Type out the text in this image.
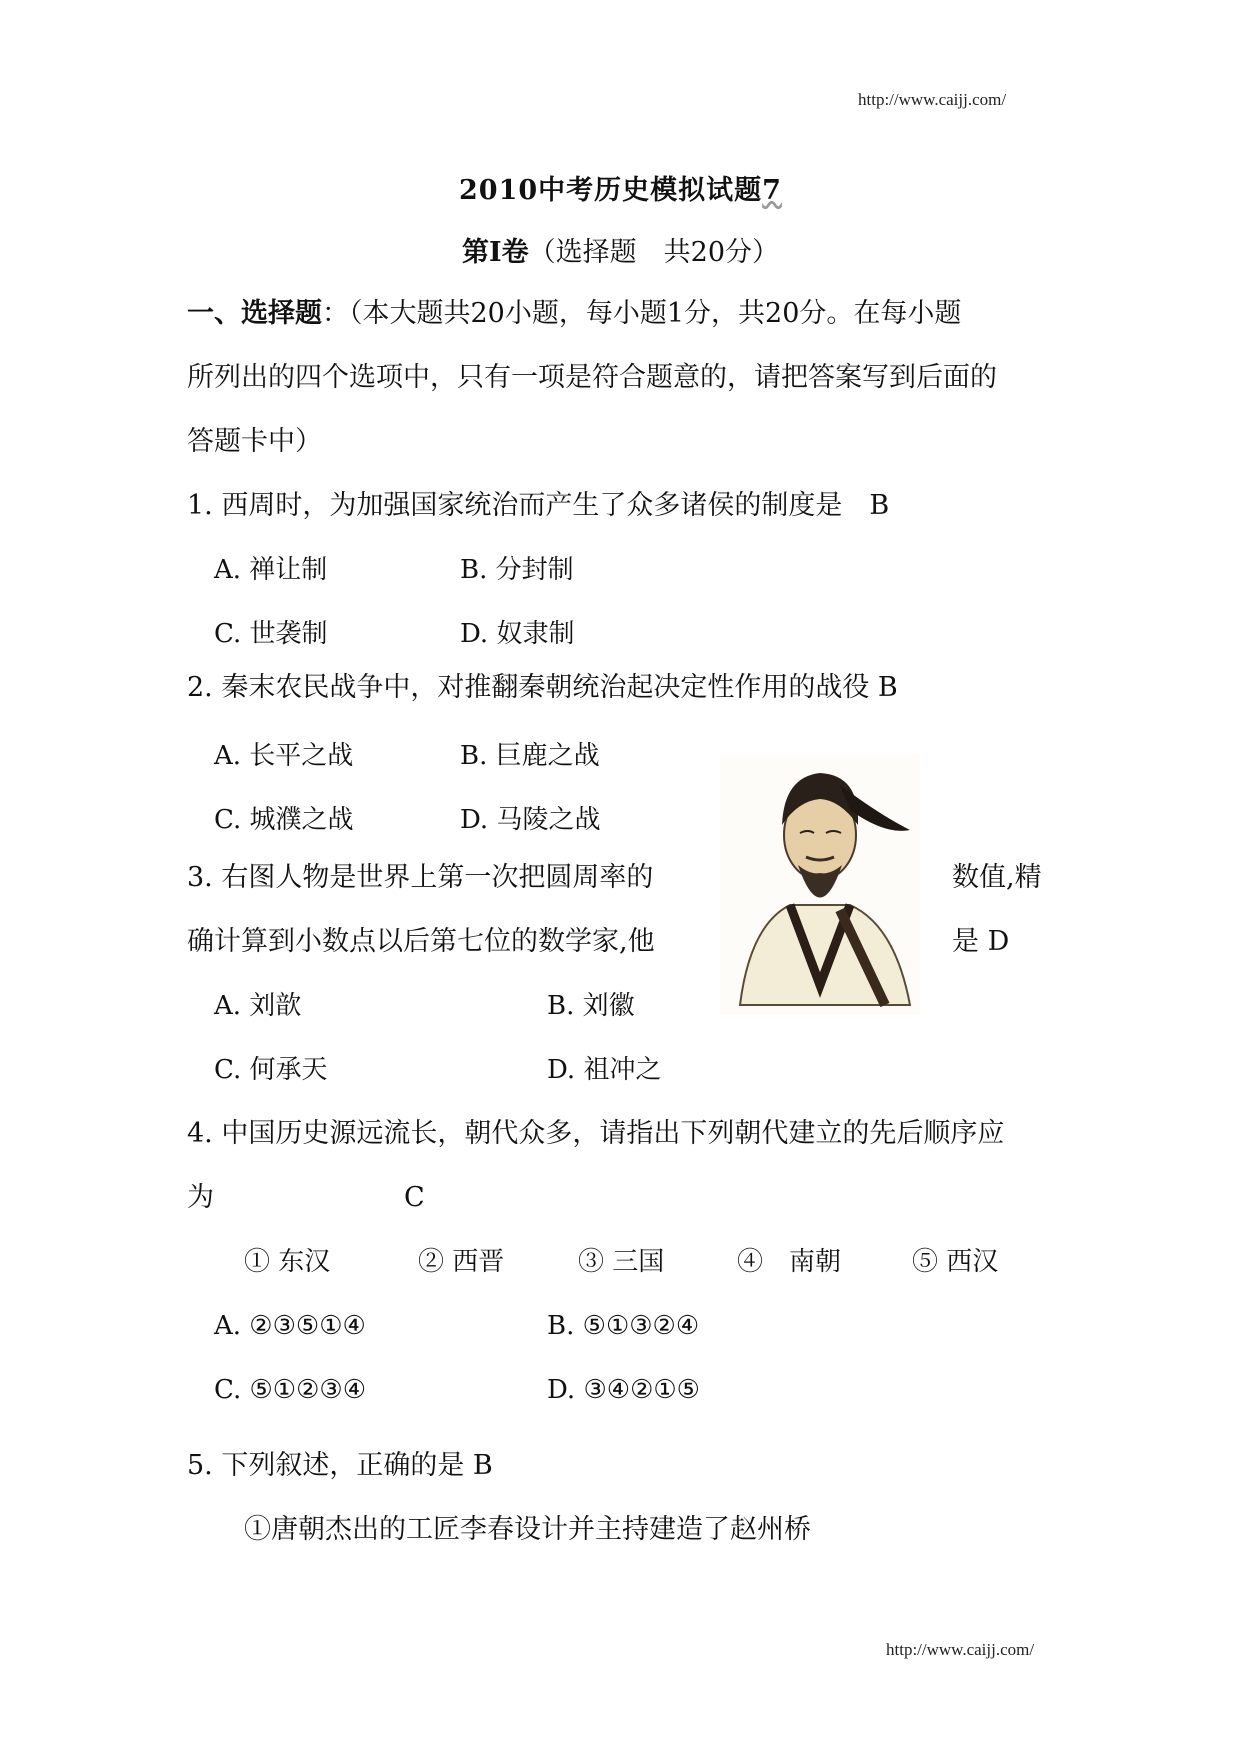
http://www.caijj.com/
2010中考历史模拟试题7
第Ⅰ卷（选择题　共20分）
一、选择题：（本大题共20小题，每小题1分，共20分。在每小题
所列出的四个选项中，只有一项是符合题意的，请把答案写到后面的
答题卡中）
1. 西周时，为加强国家统治而产生了众多诸侯的制度是　B
A. 禅让制	B. 分封制
C. 世袭制	D. 奴隶制
2. 秦末农民战争中，对推翻秦朝统治起决定性作用的战役 B
A. 长平之战	B. 巨鹿之战
C. 城濮之战	D. 马陵之战
3. 右图人物是世界上第一次把圆周率的	数值,精
确计算到小数点以后第七位的数学家,他	是 D
A. 刘歆	B. 刘徽
C. 何承天	D. 祖冲之
4. 中国历史源远流长，朝代众多，请指出下列朝代建立的先后顺序应
为	C
① 东汉	② 西晋	③ 三国	④　南朝	⑤ 西汉
A. ②③⑤①④	B. ⑤①③②④
C. ⑤①②③④	D. ③④②①⑤
5. 下列叙述，正确的是 B
①唐朝杰出的工匠李春设计并主持建造了赵州桥
http://www.caijj.com/
